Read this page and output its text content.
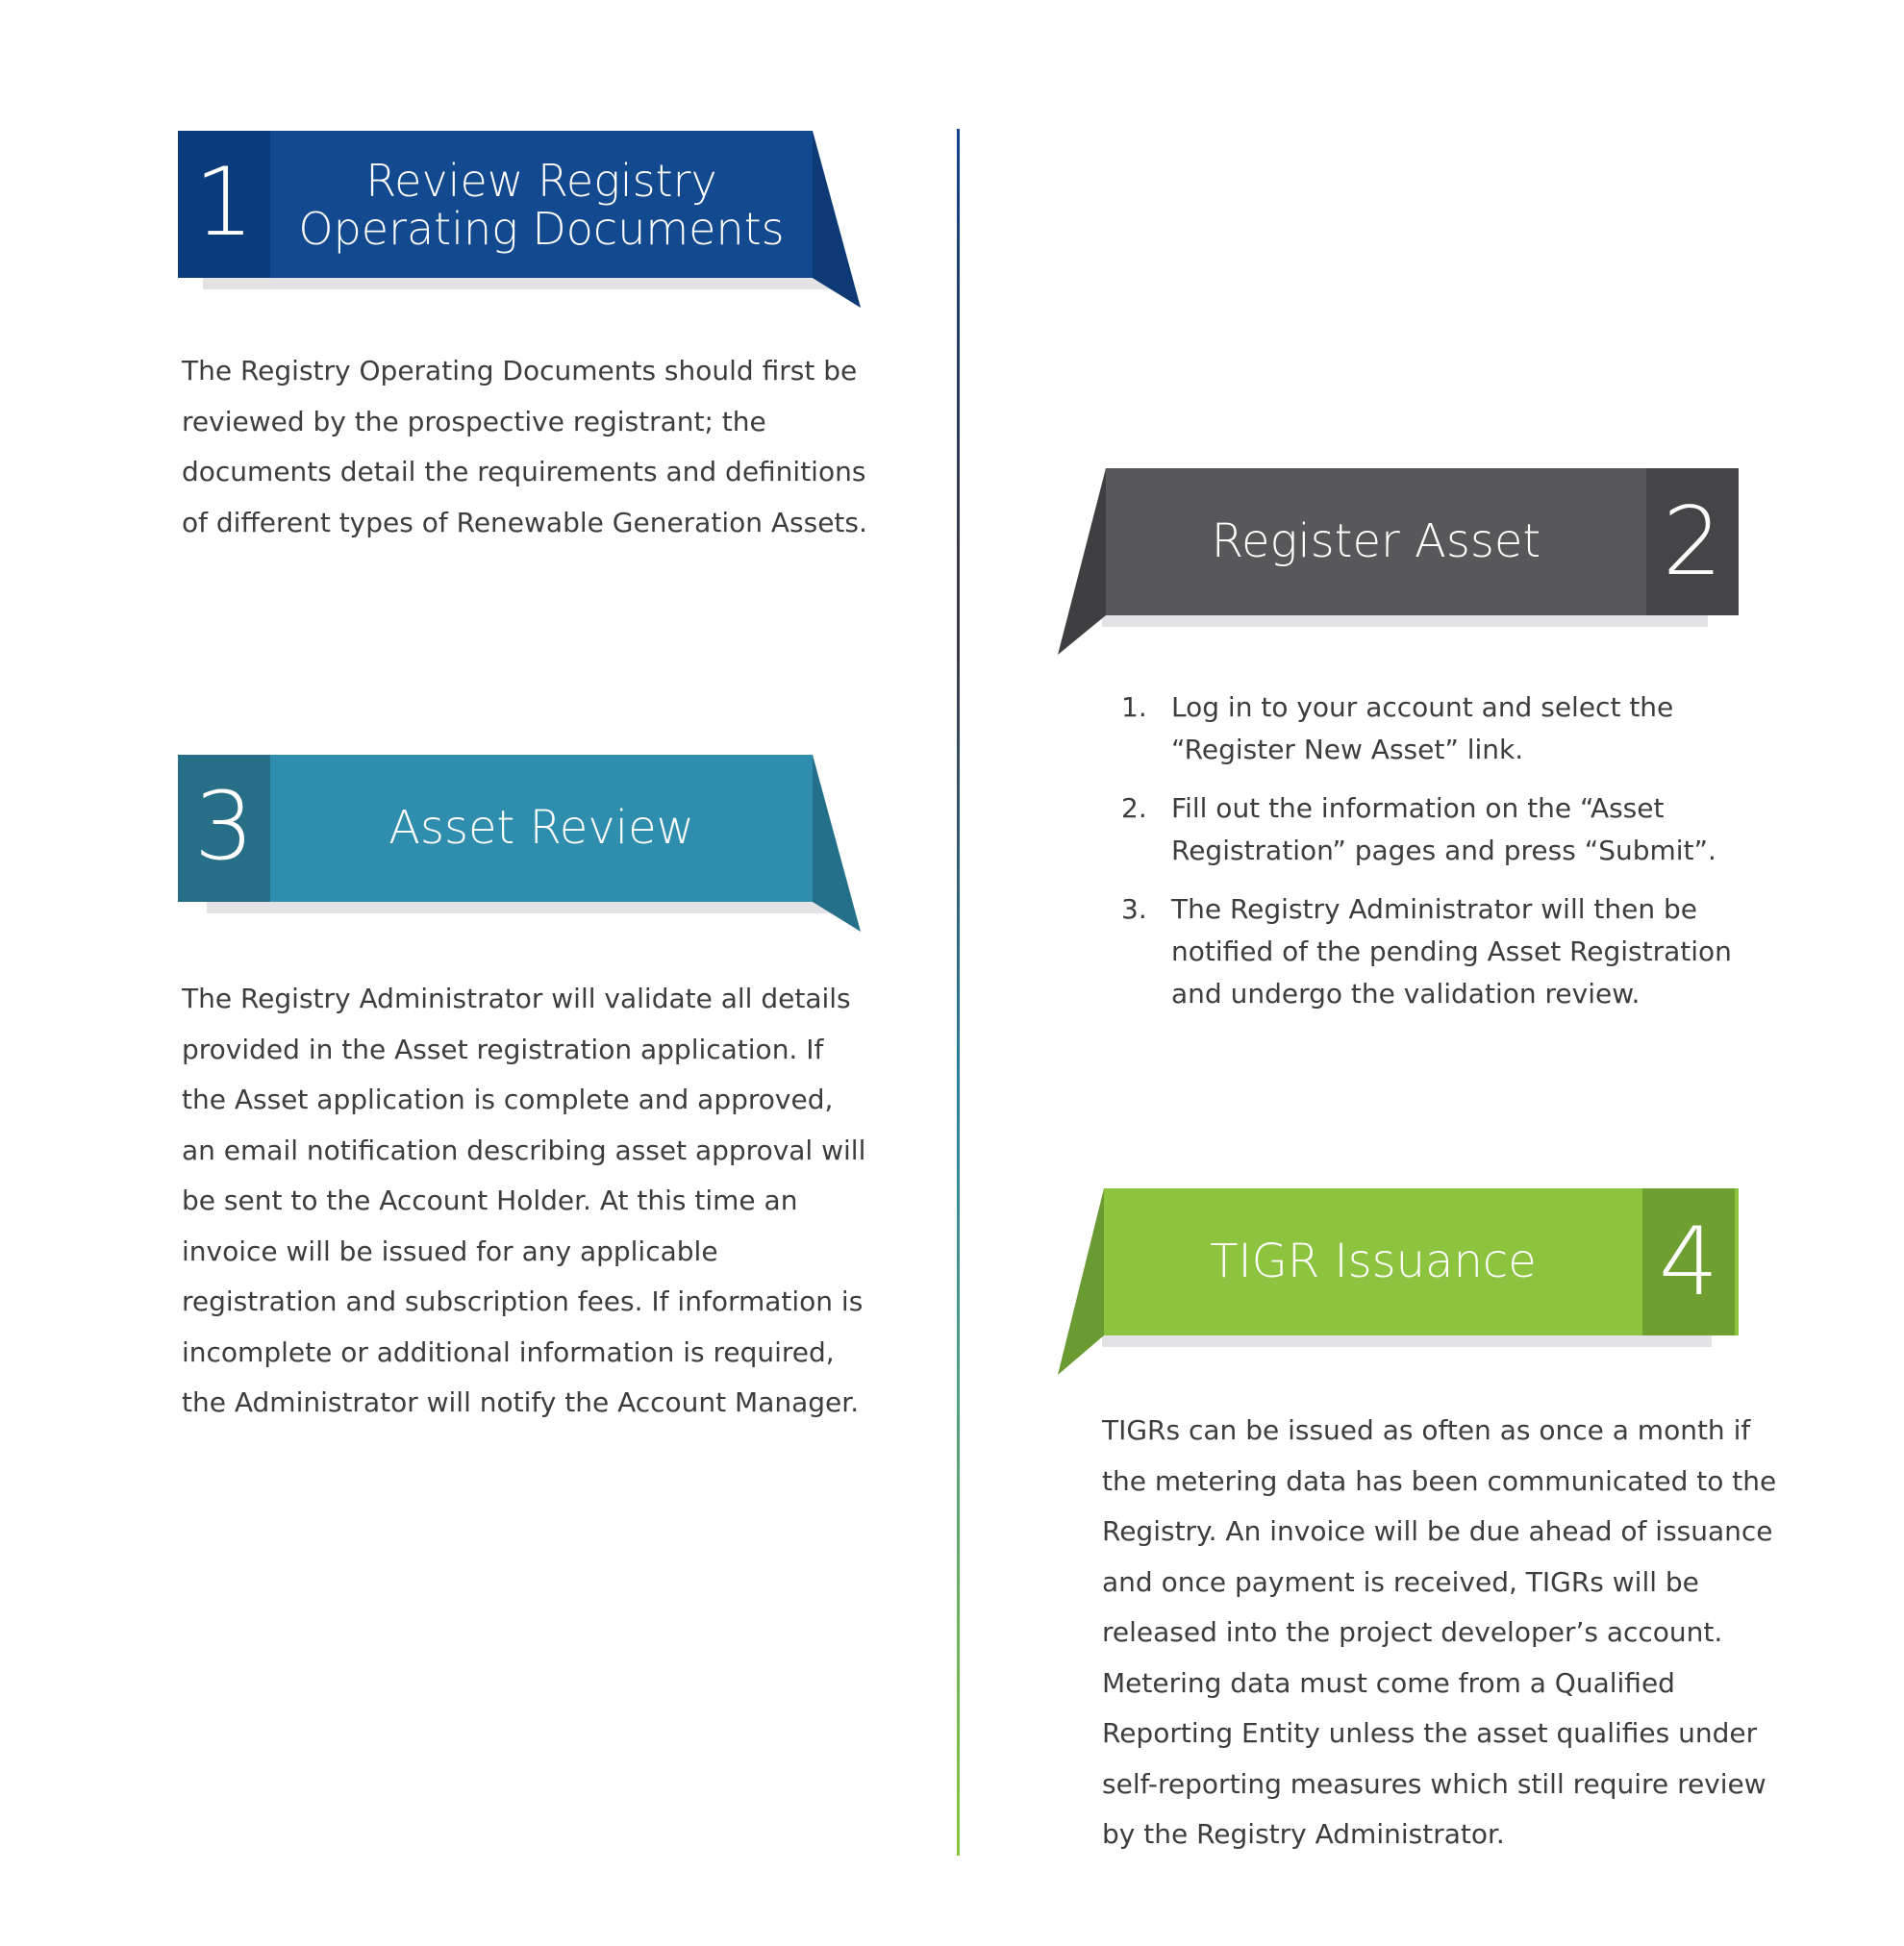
1	Review Registry
Operating Documents
The Registry Operating Documents should first be reviewed by the prospective registrant; the documents detail the requirements and definitions of different types of Renewable Generation Assets.	Register Asset	2
1. Log in to your account and select the “Register New Asset” link.
2. Fill out the information on the “Asset Registration” pages and press “Submit”.
3. The Registry Administrator will then be notified of the pending Asset Registration and undergo the validation review.
3	Asset Review
The Registry Administrator will validate all details provided in the Asset registration application. If the Asset application is complete and approved, an email notification describing asset approval will be sent to the Account Holder. At this time an invoice will be issued for any applicable registration and subscription fees. If information is incomplete or additional information is required, the Administrator will notify the Account Manager.
TIGR Issuance	4
TIGRs can be issued as often as once a month if the metering data has been communicated to the Registry. An invoice will be due ahead of issuance and once payment is received, TIGRs will be released into the project developer’s account. Metering data must come from a Qualified Reporting Entity unless the asset qualifies under self-reporting measures which still require review by the Registry Administrator.
